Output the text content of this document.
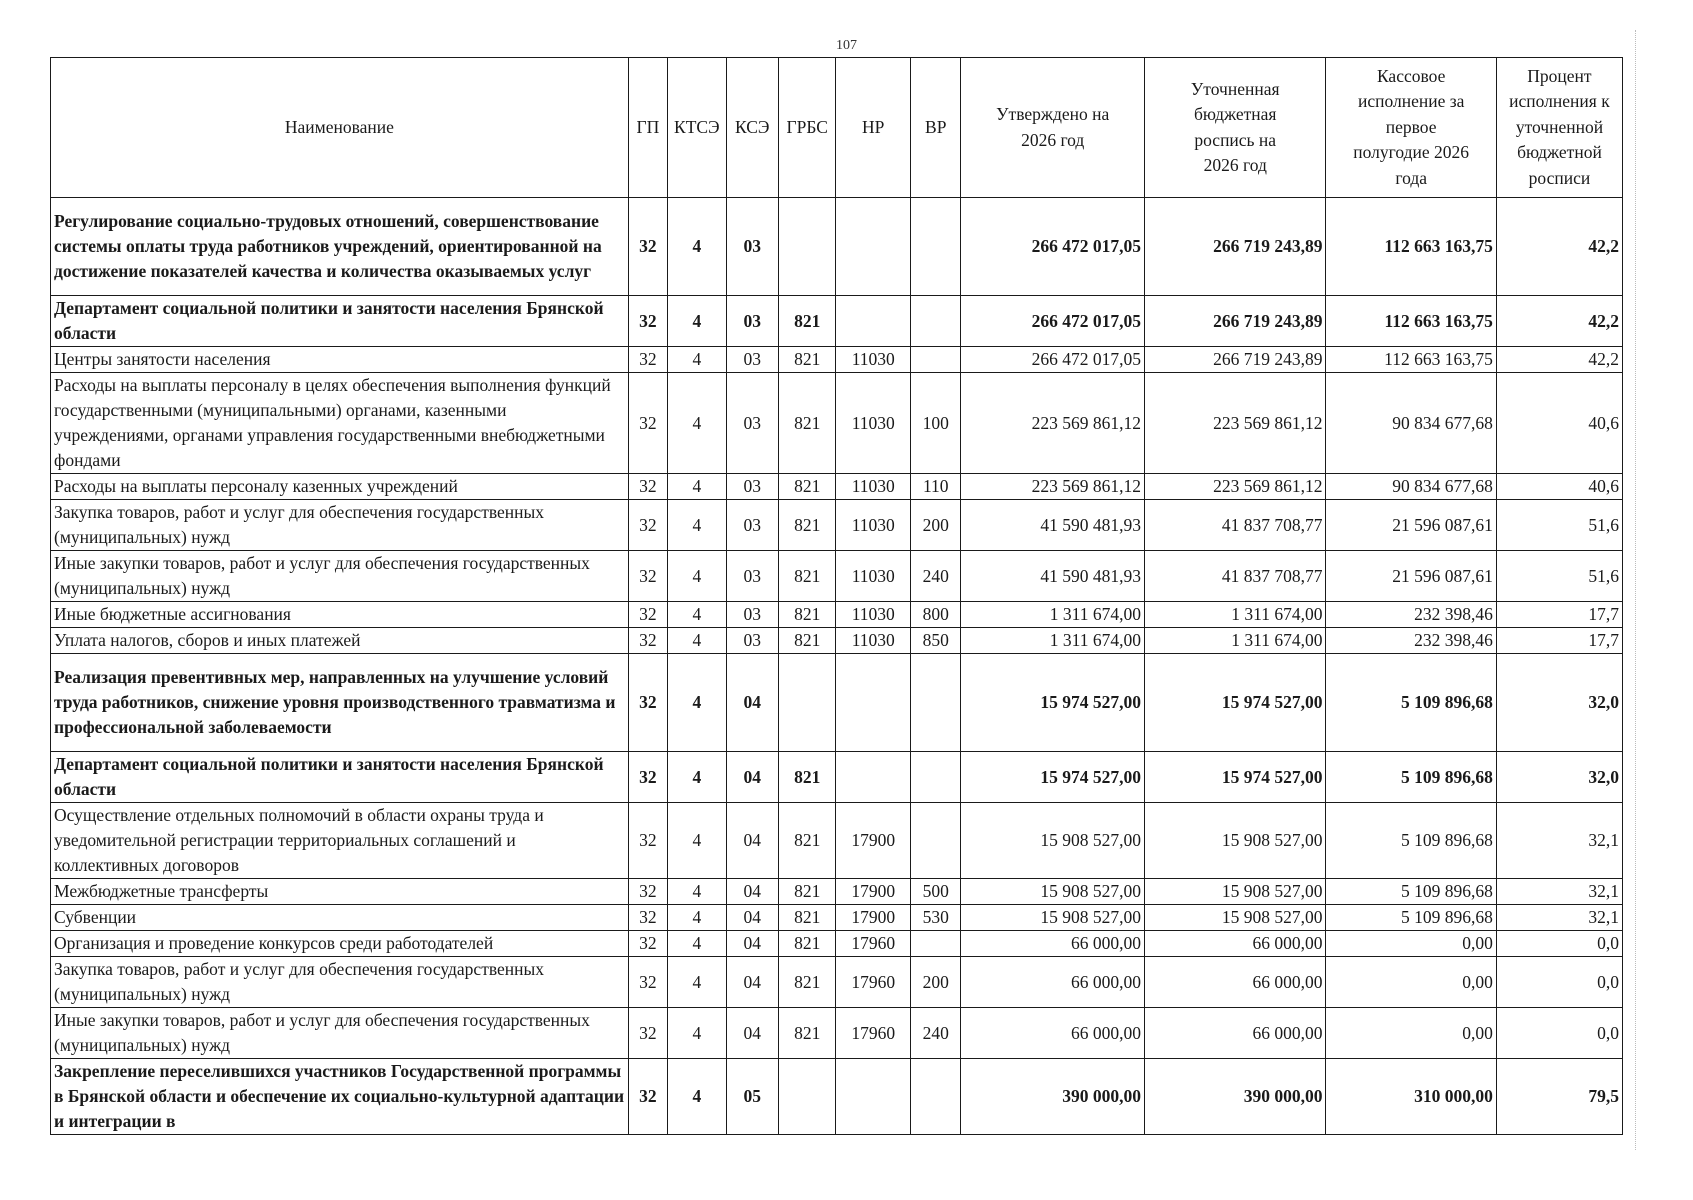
107
Наименование	ГП	КТСЭ	КСЭ	ГРБС	НР	ВР	Утверждено на 2026 год	Уточненная бюджетная роспись на 2026 год	Кассовое исполнение за первое полугодие 2026 года	Процент исполнения к уточненной бюджетной росписи
Регулирование социально-трудовых отношений, совершенствование системы оплаты труда работников учреждений, ориентированной на достижение показателей качества и количества оказываемых услуг	32	4	03				266 472 017,05	266 719 243,89	112 663 163,75	42,2
Департамент социальной политики и занятости населения Брянской области	32	4	03	821			266 472 017,05	266 719 243,89	112 663 163,75	42,2
Центры занятости населения	32	4	03	821	11030		266 472 017,05	266 719 243,89	112 663 163,75	42,2
Расходы на выплаты персоналу в целях обеспечения выполнения функций государственными (муниципальными) органами, казенными учреждениями, органами управления государственными внебюджетными фондами	32	4	03	821	11030	100	223 569 861,12	223 569 861,12	90 834 677,68	40,6
Расходы на выплаты персоналу казенных учреждений	32	4	03	821	11030	110	223 569 861,12	223 569 861,12	90 834 677,68	40,6
Закупка товаров, работ и услуг для обеспечения государственных (муниципальных) нужд	32	4	03	821	11030	200	41 590 481,93	41 837 708,77	21 596 087,61	51,6
Иные закупки товаров, работ и услуг для обеспечения государственных (муниципальных) нужд	32	4	03	821	11030	240	41 590 481,93	41 837 708,77	21 596 087,61	51,6
Иные бюджетные ассигнования	32	4	03	821	11030	800	1 311 674,00	1 311 674,00	232 398,46	17,7
Уплата налогов, сборов и иных платежей	32	4	03	821	11030	850	1 311 674,00	1 311 674,00	232 398,46	17,7
Реализация превентивных мер, направленных на улучшение условий труда работников, снижение уровня производственного травматизма и профессиональной заболеваемости	32	4	04				15 974 527,00	15 974 527,00	5 109 896,68	32,0
Департамент социальной политики и занятости населения Брянской области	32	4	04	821			15 974 527,00	15 974 527,00	5 109 896,68	32,0
Осуществление отдельных полномочий в области охраны труда и уведомительной регистрации территориальных соглашений и коллективных договоров	32	4	04	821	17900		15 908 527,00	15 908 527,00	5 109 896,68	32,1
Межбюджетные трансферты	32	4	04	821	17900	500	15 908 527,00	15 908 527,00	5 109 896,68	32,1
Субвенции	32	4	04	821	17900	530	15 908 527,00	15 908 527,00	5 109 896,68	32,1
Организация и проведение конкурсов среди работодателей	32	4	04	821	17960		66 000,00	66 000,00	0,00	0,0
Закупка товаров, работ и услуг для обеспечения государственных (муниципальных) нужд	32	4	04	821	17960	200	66 000,00	66 000,00	0,00	0,0
Иные закупки товаров, работ и услуг для обеспечения государственных (муниципальных) нужд	32	4	04	821	17960	240	66 000,00	66 000,00	0,00	0,0
Закрепление переселившихся участников Государственной программы в Брянской области и обеспечение их социально-культурной адаптации и интеграции в	32	4	05				390 000,00	390 000,00	310 000,00	79,5
